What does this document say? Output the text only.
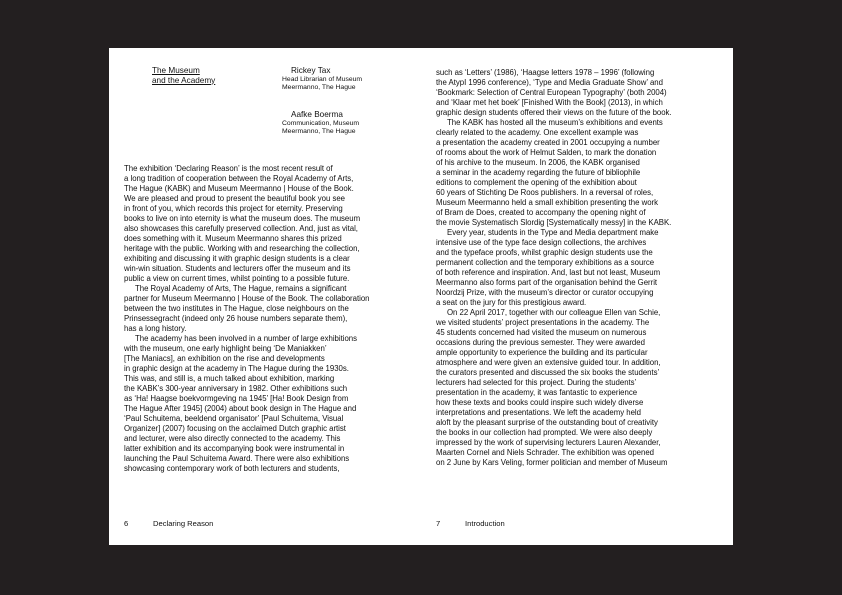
The Museum
and the Academy

Rickey Tax

Head Librarian of Museum
Meermanno, The Hague

Aafke Boerma

Communication, Museum
Meermanno, The Hague

The exhibition ‘Declaring Reason’ is the most recent result of
a long tradition of cooperation between the Royal Academy of Arts,
The Hague (KABK) and Museum Meermanno | House of the Book.
We are pleased and proud to present the beautiful book you see
in front of you, which records this project for eternity. Preserving
books to live on into eternity is what the museum does. The museum
also showcases this carefully preserved collection. And, just as vital,
does something with it. Museum Meermanno shares this prized
heritage with the public. Working with and researching the collection,
exhibiting and discussing it with graphic design students is a clear
win-win situation. Students and lecturers offer the museum and its
public a view on current times, whilst pointing to a possible future.

The Royal Academy of Arts, The Hague, remains a significant
partner for Museum Meermanno | House of the Book. The collaboration
between the two institutes in The Hague, close neighbours on the
Prinsessegracht (indeed only 26 house numbers separate them),
has a long history.

The academy has been involved in a number of large exhibitions
with the museum, one early highlight being ‘De Maniakken’
[The Maniacs], an exhibition on the rise and developments
in graphic design at the academy in The Hague during the 1930s.
This was, and still is, a much talked about exhibition, marking
the KABK’s 300-year anniversary in 1982. Other exhibitions such
as ‘Ha! Haagse boekvormgeving na 1945’ [Ha! Book Design from
The Hague After 1945] (2004) about book design in The Hague and
‘Paul Schuitema, beeldend organisator’ [Paul Schuitema, Visual
Organizer] (2007) focusing on the acclaimed Dutch graphic artist
and lecturer, were also directly connected to the academy. This
latter exhibition and its accompanying book were instrumental in
launching the Paul Schuitema Award. There were also exhibitions
showcasing contemporary work of both lecturers and students,

6	Declaring Reason

such as ‘Letters’ (1986), ‘Haagse letters 1978 – 1996’ (following
the AtypI 1996 conference), ‘Type and Media Graduate Show’ and
‘Bookmark: Selection of Central European Typography’ (both 2004)
and ‘Klaar met het boek’ [Finished With the Book] (2013), in which
graphic design students offered their views on the future of the book.

The KABK has hosted all the museum’s exhibitions and events
clearly related to the academy. One excellent example was
a presentation the academy created in 2001 occupying a number
of rooms about the work of Helmut Salden, to mark the donation
of his archive to the museum. In 2006, the KABK organised
a seminar in the academy regarding the future of bibliophile
editions to complement the opening of the exhibition about
60 years of Stichting De Roos publishers. In a reversal of roles,
Museum Meermanno held a small exhibition presenting the work
of Bram de Does, created to accompany the opening night of
the movie Systematisch Slordig [Systematically messy] in the KABK.

Every year, students in the Type and Media department make
intensive use of the type face design collections, the archives
and the typeface proofs, whilst graphic design students use the
permanent collection and the temporary exhibitions as a source
of both reference and inspiration. And, last but not least, Museum
Meermanno also forms part of the organisation behind the Gerrit
Noordzij Prize, with the museum’s director or curator occupying
a seat on the jury for this prestigious award.

On 22 April 2017, together with our colleague Ellen van Schie,
we visited students’ project presentations in the academy. The
45 students concerned had visited the museum on numerous
occasions during the previous semester. They were awarded
ample opportunity to experience the building and its particular
atmosphere and were given an extensive guided tour. In addition,
the curators presented and discussed the six books the students’
lecturers had selected for this project. During the students’
presentation in the academy, it was fantastic to experience
how these texts and books could inspire such widely diverse
interpretations and presentations. We left the academy held
aloft by the pleasant surprise of the outstanding bout of creativity
the books in our collection had prompted. We were also deeply
impressed by the work of supervising lecturers Lauren Alexander,
Maarten Cornel and Niels Schrader. The exhibition was opened
on 2 June by Kars Veling, former politician and member of Museum

7	Introduction
